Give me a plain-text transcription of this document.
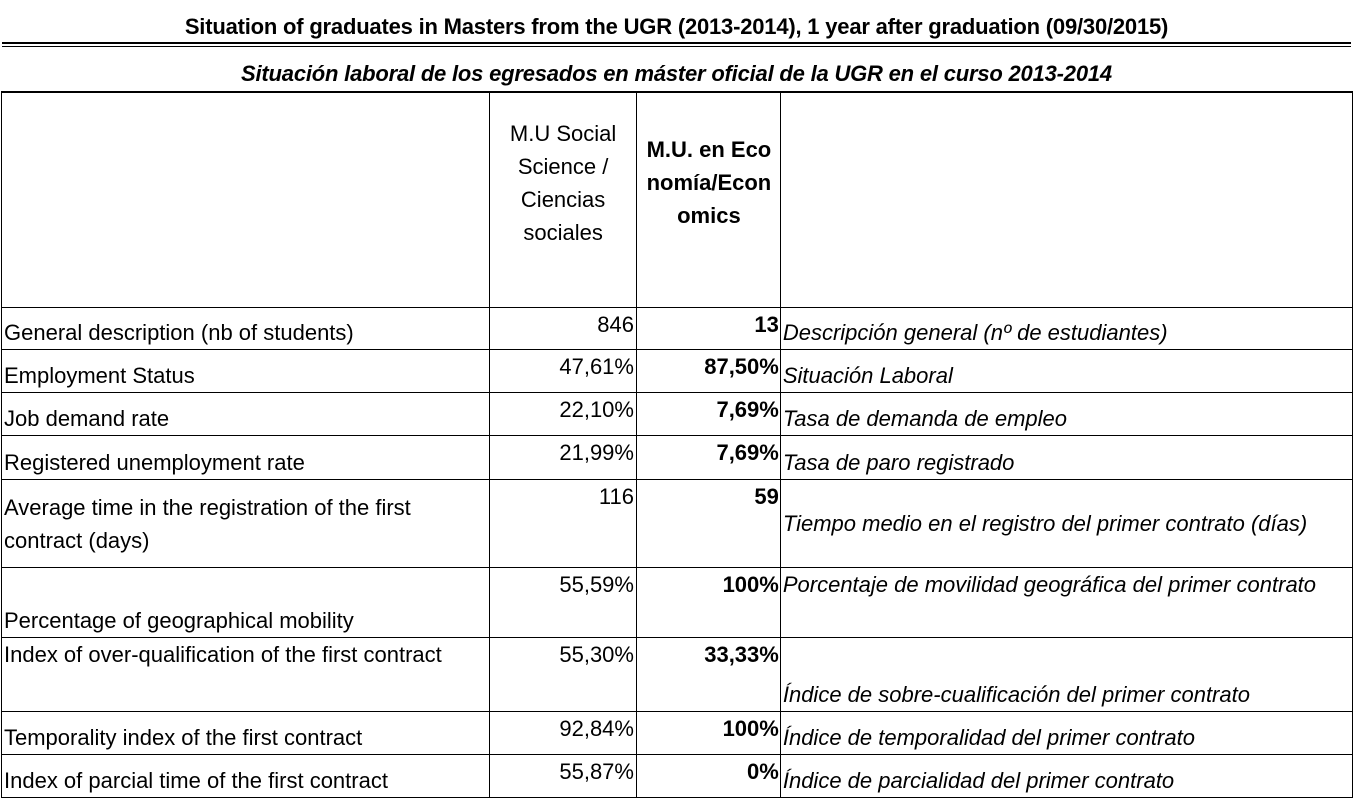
Situation of graduates in Masters from the UGR (2013-2014), 1 year after graduation (09/30/2015)
Situación laboral de los egresados en máster oficial de la UGR en el curso 2013-2014

	M.U Social Science / Ciencias sociales	M.U. en Economía/Economics	

General description (nb of students)	846	13	Descripción general (nº de estudiantes)
Employment Status	47,61%	87,50%	Situación Laboral
Job demand rate	22,10%	7,69%	Tasa de demanda de empleo
Registered unemployment rate	21,99%	7,69%	Tasa de paro registrado
Average time in the registration of the first contract (days)	116	59	Tiempo medio en el registro del primer contrato (días)
Percentage of geographical mobility	55,59%	100%	Porcentaje de movilidad geográfica del primer contrato
Index of over-qualification of the first contract	55,30%	33,33%	Índice de sobre-cualificación del primer contrato
Temporality index of the first contract	92,84%	100%	Índice de temporalidad del primer contrato
Index of parcial time of the first contract	55,87%	0%	Índice de parcialidad del primer contrato
